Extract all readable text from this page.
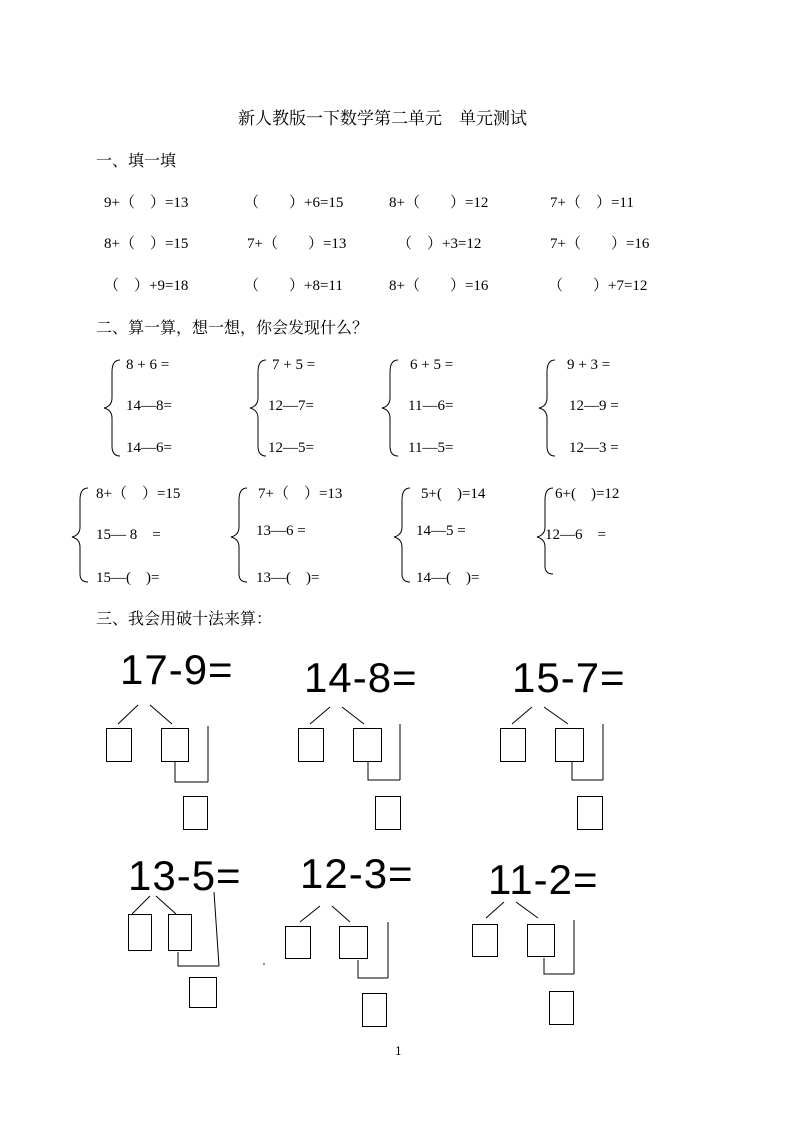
新人教版一下数学第二单元　单元测试
一、填一填
9+（　）=13	（　　）+6=15	8+（　　）=12	7+（　）=11
8+（　）=15	7+（　　）=13	（　）+3=12	7+（　　）=16
（　）+9=18	（　　）+8=11	8+（　　）=16	（　　）+7=12
二、算一算，想一想，你会发现什么？
8 + 6 =
14—8=
14—6=
7 + 5 =
12—7=
12—5=
6 + 5 =
11—6=
11—5=
9 + 3 =
12—9 =
12—3 =
8+（　）=15
15— 8　=
15—(　)=
7+（　）=13
13—6 =
13—(　)=
5+(　)=14
14—5 =
14—(　)=
6+(　)=12
12—6　=
三、我会用破十法来算：
17-9= 14-8= 15-7=
13-5= 12-3= 11-2=
1
